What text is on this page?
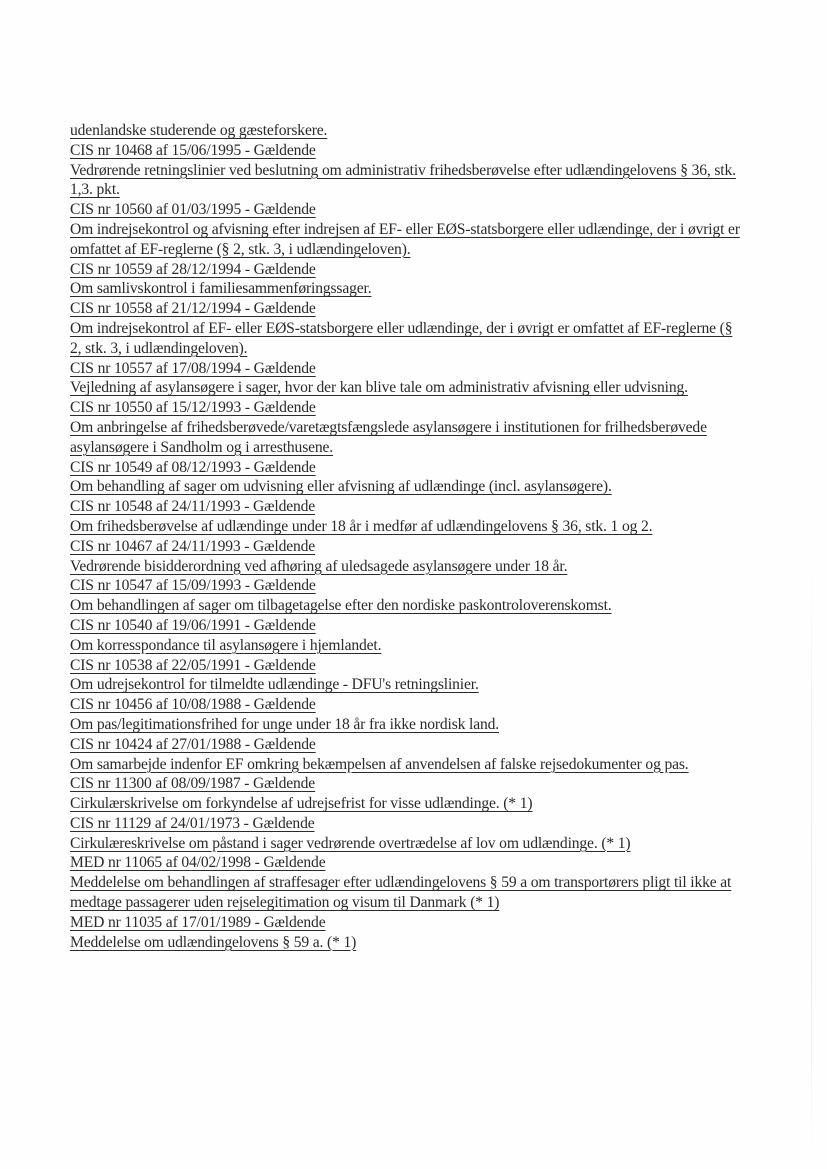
udenlandske studerende og gæsteforskere.
CIS nr 10468 af 15/06/1995 - Gældende
Vedrørende retningslinier ved beslutning om administrativ frihedsberøvelse efter udlændingelovens § 36, stk. 1,3. pkt.
CIS nr 10560 af 01/03/1995 - Gældende
Om indrejsekontrol og afvisning efter indrejsen af EF- eller EØS-statsborgere eller udlændinge, der i øvrigt er omfattet af EF-reglerne (§ 2, stk. 3, i udlændingeloven).
CIS nr 10559 af 28/12/1994 - Gældende
Om samlivskontrol i familiesammenføringssager.
CIS nr 10558 af 21/12/1994 - Gældende
Om indrejsekontrol af EF- eller EØS-statsborgere eller udlændinge, der i øvrigt er omfattet af EF-reglerne (§ 2, stk. 3, i udlændingeloven).
CIS nr 10557 af 17/08/1994 - Gældende
Vejledning af asylansøgere i sager, hvor der kan blive tale om administrativ afvisning eller udvisning.
CIS nr 10550 af 15/12/1993 - Gældende
Om anbringelse af frihedsberøvede/varetægtsfængslede asylansøgere i institutionen for frilhedsberøvede asylansøgere i Sandholm og i arresthusene.
CIS nr 10549 af 08/12/1993 - Gældende
Om behandling af sager om udvisning eller afvisning af udlændinge (incl. asylansøgere).
CIS nr 10548 af 24/11/1993 - Gældende
Om frihedsberøvelse af udlændinge under 18 år i medfør af udlændingelovens § 36, stk. 1 og 2.
CIS nr 10467 af 24/11/1993 - Gældende
Vedrørende bisidderordning ved afhøring af uledsagede asylansøgere under 18 år.
CIS nr 10547 af 15/09/1993 - Gældende
Om behandlingen af sager om tilbagetagelse efter den nordiske paskontroloverenskomst.
CIS nr 10540 af 19/06/1991 - Gældende
Om korresspondance til asylansøgere i hjemlandet.
CIS nr 10538 af 22/05/1991 - Gældende
Om udrejsekontrol for tilmeldte udlændinge - DFU's retningslinier.
CIS nr 10456 af 10/08/1988 - Gældende
Om pas/legitimationsfrihed for unge under 18 år fra ikke nordisk land.
CIS nr 10424 af 27/01/1988 - Gældende
Om samarbejde indenfor EF omkring bekæmpelsen af anvendelsen af falske rejsedokumenter og pas.
CIS nr 11300 af 08/09/1987 - Gældende
Cirkulærskrivelse om forkyndelse af udrejsefrist for visse udlændinge. (* 1)
CIS nr 11129 af 24/01/1973 - Gældende
Cirkulæreskrivelse om påstand i sager vedrørende overtrædelse af lov om udlændinge. (* 1)
MED nr 11065 af 04/02/1998 - Gældende
Meddelelse om behandlingen af straffesager efter udlændingelovens § 59 a om transportørers pligt til ikke at medtage passagerer uden rejselegitimation og visum til Danmark (* 1)
MED nr 11035 af 17/01/1989 - Gældende
Meddelelse om udlændingelovens § 59 a. (* 1)
